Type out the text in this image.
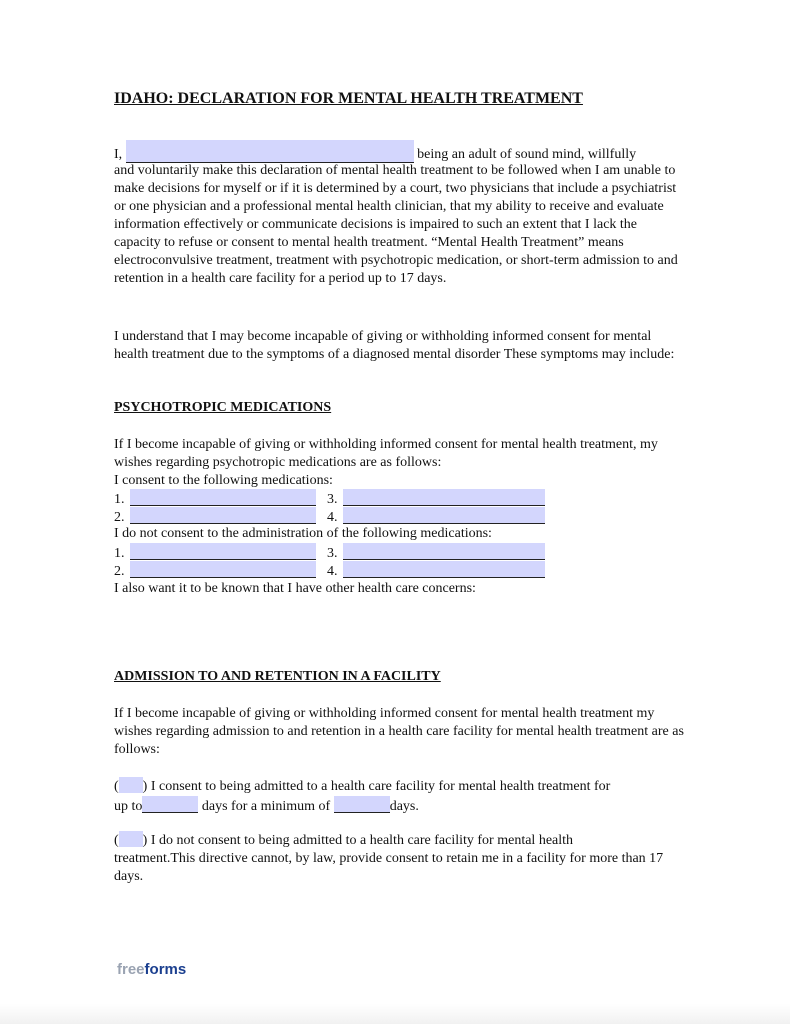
IDAHO: DECLARATION FOR MENTAL HEALTH TREATMENT
I,	being an adult of sound mind, willfully
and voluntarily make this declaration of mental health treatment to be followed when I am unable to make decisions for myself or if it is determined by a court, two physicians that include a psychiatrist or one physician and a professional mental health clinician, that my ability to receive and evaluate information effectively or communicate decisions is impaired to such an extent that I lack the capacity to refuse or consent to mental health treatment. “Mental Health Treatment” means electroconvulsive treatment, treatment with psychotropic medication, or short-term admission to and retention in a health care facility for a period up to 17 days.
I understand that I may become incapable of giving or withholding informed consent for mental health treatment due to the symptoms of a diagnosed mental disorder These symptoms may include:
PSYCHOTROPIC MEDICATIONS
If I become incapable of giving or withholding informed consent for mental health treatment, my wishes regarding psychotropic medications are as follows:
I consent to the following medications:
1.	3.
2.	4.
I do not consent to the administration of the following medications:
1.	3.
2.	4.
I also want it to be known that I have other health care concerns:
ADMISSION TO AND RETENTION IN A FACILITY
If I become incapable of giving or withholding informed consent for mental health treatment my wishes regarding admission to and retention in a health care facility for mental health treatment are as follows:
( ) I consent to being admitted to a health care facility for mental health treatment for
up to	days for a minimum of	days.
( ) I do not consent to being admitted to a health care facility for mental health
treatment.This directive cannot, by law, provide consent to retain me in a facility for more than 17 days.
freeforms
